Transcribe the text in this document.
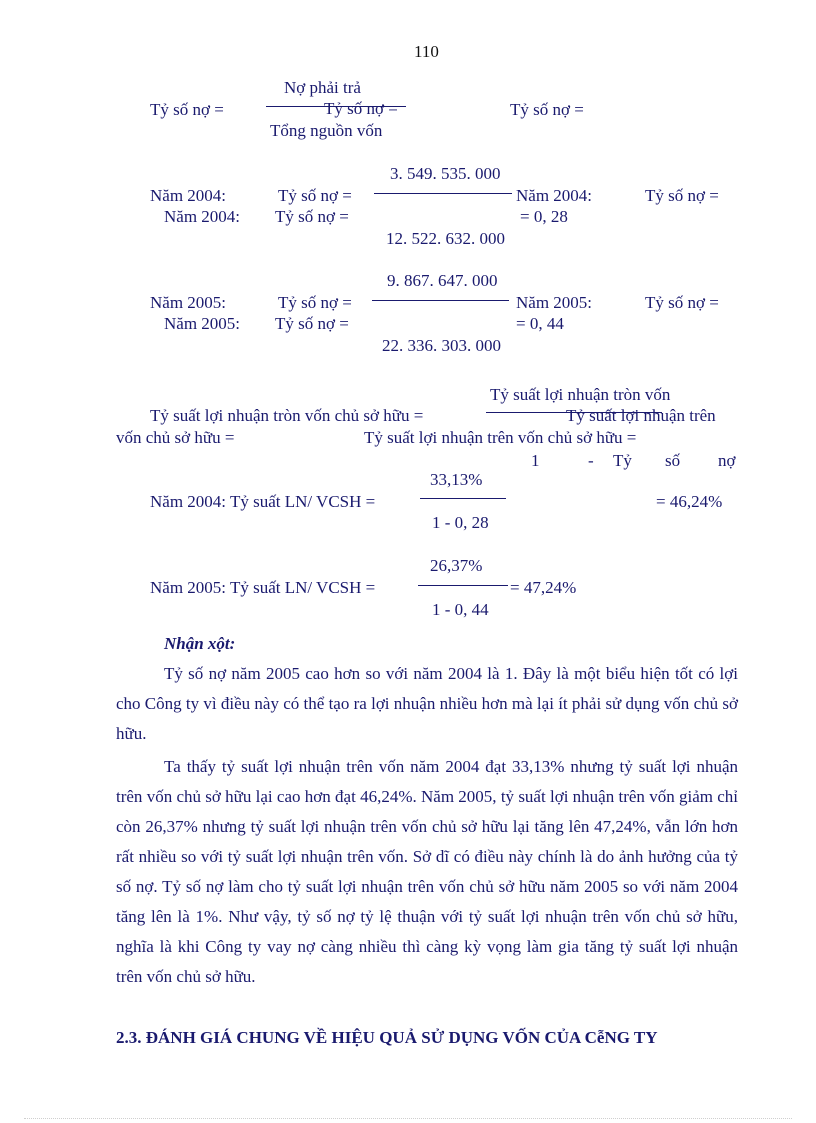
110
Nợ phải trả
Tỷ số nợ =	Tỷ số nợ =	Tỷ số nợ =
Tổng nguồn vốn
3. 549. 535. 000
Năm 2004:	Tỷ số nợ =	Năm 2004:	Tỷ số nợ =
Năm 2004: Tỷ số nợ =	= 0, 28
12. 522. 632. 000
9. 867. 647. 000
Năm 2005:	Tỷ số nợ =	Năm 2005:	Tỷ số nợ =
Năm 2005: Tỷ số nợ =	= 0, 44
22. 336. 303. 000
Tỷ suất lợi nhuận tròn vốn
Tỷ suất lợi nhuận tròn vốn chủ sở hữu =	Tỷ suất lợi nhuận trên
vốn chủ sở hữu =	Tỷ suất lợi nhuận trên vốn chủ sở hữu =
1	- Tỷ số nợ
33,13%
Năm 2004: Tỷ suất LN/ VCSH =	= 46,24%
1 - 0, 28
26,37%
Năm 2005: Tỷ suất LN/ VCSH =	= 47,24%
1 - 0, 44
Nhận xột:
Tỷ số nợ năm 2005 cao hơn so với năm 2004 là 1. Đây là một biểu hiện tốt có lợi cho Công ty vì điều này có thể tạo ra lợi nhuận nhiều hơn mà lại ít phải sử dụng vốn chủ sở hữu.
Ta thấy tỷ suất lợi nhuận trên vốn năm 2004 đạt 33,13% nhưng tỷ suất lợi nhuận trên vốn chủ sở hữu lại cao hơn đạt 46,24%. Năm 2005, tỷ suất lợi nhuận trên vốn giảm chỉ còn 26,37% nhưng tỷ suất lợi nhuận trên vốn chủ sở hữu lại tăng lên 47,24%, vẫn lớn hơn rất nhiều so với tỷ suất lợi nhuận trên vốn. Sở dĩ có điều này chính là do ảnh hưởng của tỷ số nợ. Tỷ số nợ làm cho tỷ suất lợi nhuận trên vốn chủ sở hữu năm 2005 so với năm 2004 tăng lên là 1%. Như vậy, tỷ số nợ tỷ lệ thuận với tỷ suất lợi nhuận trên vốn chủ sở hữu, nghĩa là khi Công ty vay nợ càng nhiều thì càng kỳ vọng làm gia tăng tỷ suất lợi nhuận trên vốn chủ sở hữu.
2.3. ĐÁNH GIÁ CHUNG VỀ HIỆU QUẢ SỬ DỤNG VỐN CỦA CễNG TY
